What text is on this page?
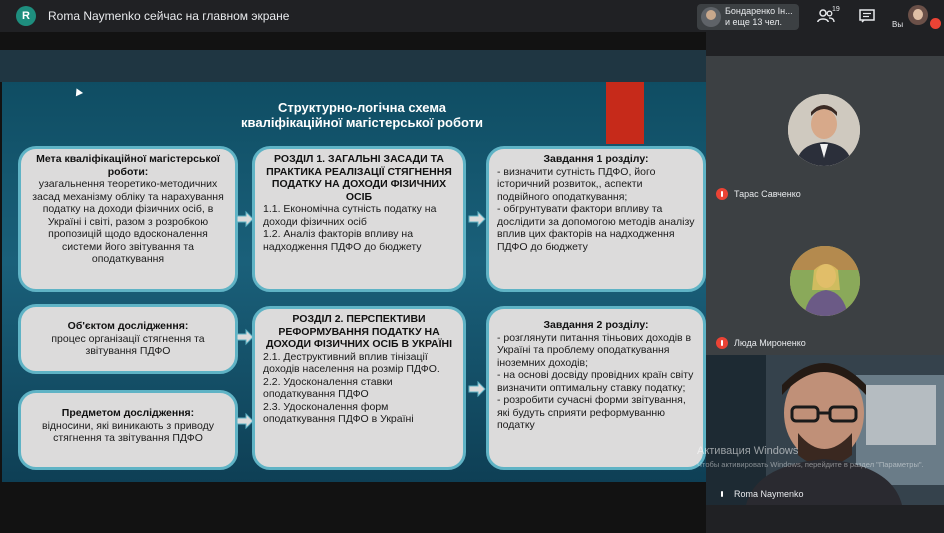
R	Roma Naymenko сейчас на главном экране	Бондаренко Ін...
и еще 13 чел.
19
Вы
Структурно-логічна схема
кваліфікаційної магістерської роботи
Мета кваліфікаційної магістерської роботи:
узагальнення теоретико-методичних засад механізму обліку та нарахування податку на доходи фізичних осіб, в Україні і світі, разом з розробкою пропозицій щодо вдосконалення системи його звітування та оподаткування
Об'єктом дослідження:
процес організації стягнення та звітування ПДФО
Предметом дослідження:
відносини, які виникають з приводу стягнення та звітування ПДФО
РОЗДІЛ 1. ЗАГАЛЬНІ ЗАСАДИ ТА ПРАКТИКА РЕАЛІЗАЦІЇ СТЯГНЕННЯ ПОДАТКУ НА ДОХОДИ ФІЗИЧНИХ ОСІБ
1.1. Економічна сутність податку на доходи фізичних осіб
1.2. Аналіз факторів впливу на надходження ПДФО до бюджету
РОЗДІЛ 2. ПЕРСПЕКТИВИ РЕФОРМУВАННЯ ПОДАТКУ НА ДОХОДИ ФІЗИЧНИХ ОСІБ В УКРАЇНІ
2.1. Деструктивний вплив тінізації доходів населення на розмір ПДФО.
2.2. Удосконалення ставки оподаткування ПДФО
2.3. Удосконалення форм оподаткування ПДФО в Україні
Завдання 1 розділу:
- визначити сутність ПДФО, його історичний розвиток,, аспекти подвійного оподаткування;
- обгрунтувати фактори впливу та дослідити за допомогою методів аналізу вплив цих факторів на надходження ПДФО до бюджету
Завдання 2 розділу:
- розглянути питання тіньових доходів в Україні та проблему оподаткування іноземних доходів;
- на основі досвіду провідних країн світу визначити оптимальну ставку податку;
- розробити сучасні форми звітування, які будуть сприяти реформуванню податку
Тарас Савченко
Люда Мироненко
Активация Windows
Чтобы активировать Windows, перейдите в раздел "Параметры".
Roma Naymenko
